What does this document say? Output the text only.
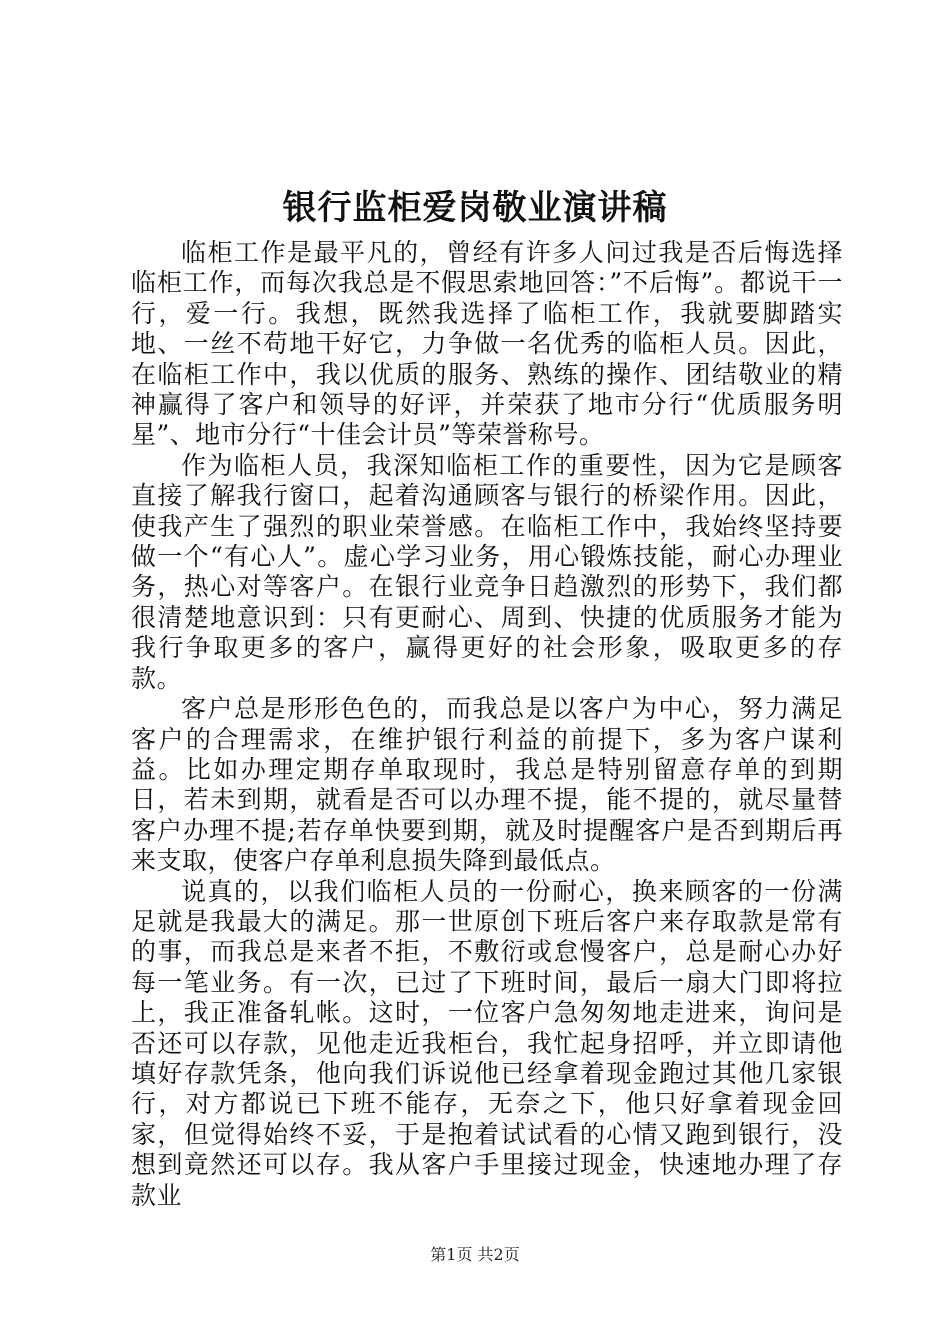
银行监柜爱岗敬业演讲稿

临柜工作是最平凡的，曾经有许多人问过我是否后悔选择临柜工作，而每次我总是不假思索地回答：”不后悔”。都说干一行，爱一行。我想，既然我选择了临柜工作，我就要脚踏实地、一丝不苟地干好它，力争做一名优秀的临柜人员。因此，在临柜工作中，我以优质的服务、熟练的操作、团结敬业的精神赢得了客户和领导的好评，并荣获了地市分行“优质服务明星”、地市分行“十佳会计员”等荣誉称号。

作为临柜人员，我深知临柜工作的重要性，因为它是顾客直接了解我行窗口，起着沟通顾客与银行的桥梁作用。因此，使我产生了强烈的职业荣誉感。在临柜工作中，我始终坚持要做一个“有心人”。虚心学习业务，用心锻炼技能，耐心办理业务，热心对等客户。在银行业竞争日趋激烈的形势下，我们都很清楚地意识到：只有更耐心、周到、快捷的优质服务才能为我行争取更多的客户，赢得更好的社会形象，吸取更多的存款。

客户总是形形色色的，而我总是以客户为中心，努力满足客户的合理需求，在维护银行利益的前提下，多为客户谋利益。比如办理定期存单取现时，我总是特别留意存单的到期日，若未到期，就看是否可以办理不提，能不提的，就尽量替客户办理不提;若存单快要到期，就及时提醒客户是否到期后再来支取，使客户存单利息损失降到最低点。

说真的，以我们临柜人员的一份耐心，换来顾客的一份满足就是我最大的满足。那一世原创下班后客户来存取款是常有的事，而我总是来者不拒，不敷衍或怠慢客户，总是耐心办好每一笔业务。有一次，已过了下班时间，最后一扇大门即将拉上，我正准备轧帐。这时，一位客户急匆匆地走进来，询问是否还可以存款，见他走近我柜台，我忙起身招呼，并立即请他填好存款凭条，他向我们诉说他已经拿着现金跑过其他几家银行，对方都说已下班不能存，无奈之下，他只好拿着现金回家，但觉得始终不妥，于是抱着试试看的心情又跑到银行，没想到竟然还可以存。我从客户手里接过现金，快速地办理了存款业

第1页 共2页
